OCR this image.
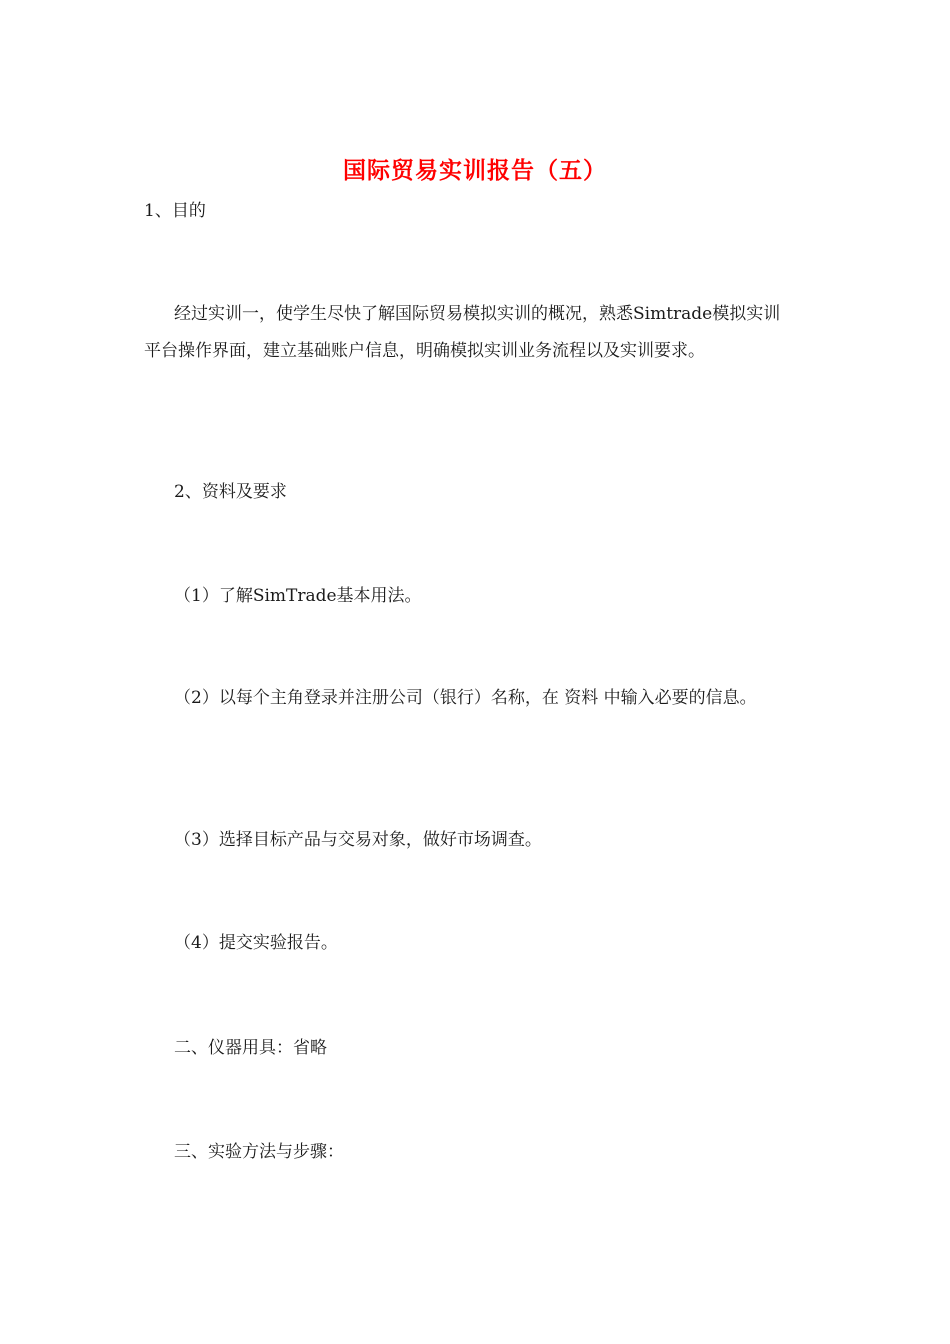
国际贸易实训报告（五）

1、目的

经过实训一，使学生尽快了解国际贸易模拟实训的概况，熟悉Simtrade模拟实训平台操作界面，建立基础账户信息，明确模拟实训业务流程以及实训要求。

2、资料及要求

（1）了解SimTrade基本用法。

（2）以每个主角登录并注册公司（银行）名称，在 资料 中输入必要的信息。

（3）选择目标产品与交易对象，做好市场调查。

（4）提交实验报告。

二、仪器用具：省略

三、实验方法与步骤：
